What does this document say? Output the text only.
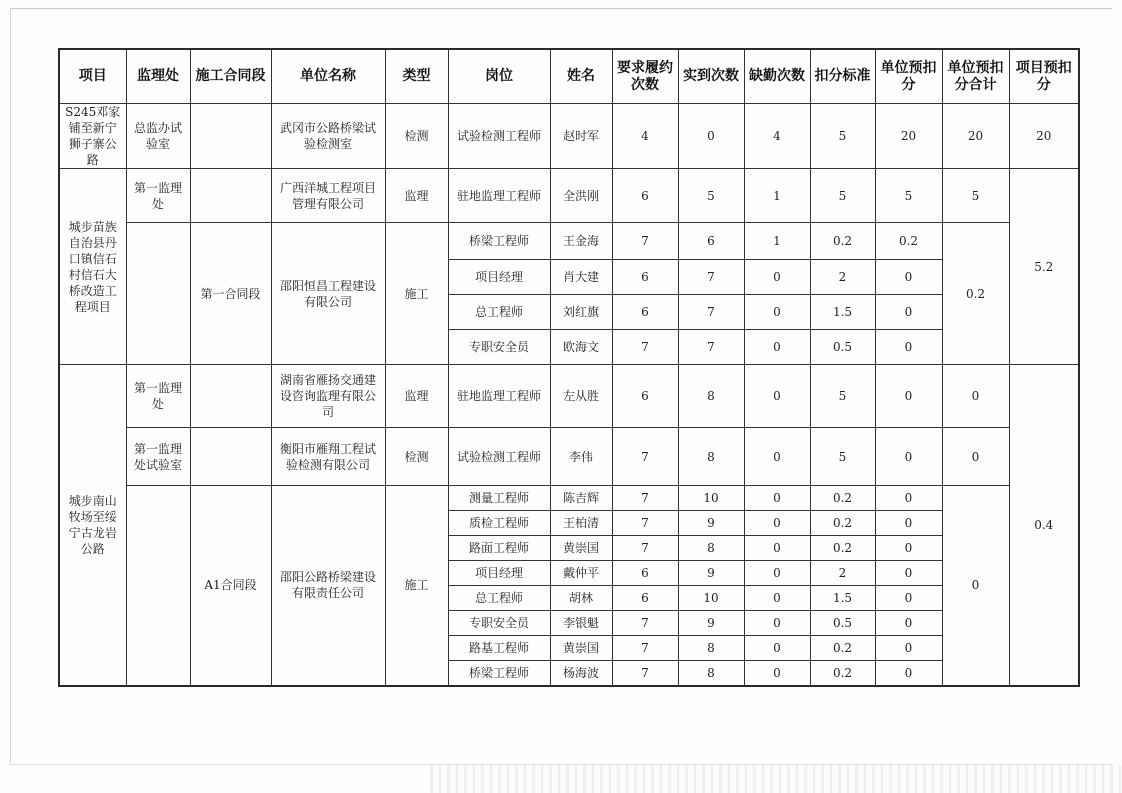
项目	监理处	施工合同段	单位名称	类型	岗位	姓名	要求履约次数	实到次数	缺勤次数	扣分标准	单位预扣分	单位预扣分合计	项目预扣分
S245邓家铺至新宁狮子寨公路	总监办试验室		武冈市公路桥梁试验检测室	检测	试验检测工程师	赵时军	4	0	4	5	20	20	20
城步苗族自治县丹口镇信石村信石大桥改造工程项目	第一监理处		广西洋城工程项目管理有限公司	监理	驻地监理工程师	全洪刚	6	5	1	5	5	5	5.2
		第一合同段	邵阳恒昌工程建设有限公司	施工	桥梁工程师	王金海	7	6	1	0.2	0.2	0.2	
					项目经理	肖大建	6	7	0	2	0		
					总工程师	刘红旗	6	7	0	1.5	0		
					专职安全员	欧海文	7	7	0	0.5	0		
城步南山牧场至绥宁古龙岩公路	第一监理处		湖南省雁扬交通建设咨询监理有限公司	监理	驻地监理工程师	左从胜	6	8	0	5	0	0	0.4
	第一监理处试验室		衡阳市雁翔工程试验检测有限公司	检测	试验检测工程师	李伟	7	8	0	5	0	0	
		A1合同段	邵阳公路桥梁建设有限责任公司	施工	测量工程师	陈吉辉	7	10	0	0.2	0	0	
					质检工程师	王柏清	7	9	0	0.2	0		
					路面工程师	黄崇国	7	8	0	0.2	0		
					项目经理	戴仲平	6	9	0	2	0		
					总工程师	胡林	6	10	0	1.5	0		
					专职安全员	李银魁	7	9	0	0.5	0		
					路基工程师	黄崇国	7	8	0	0.2	0		
					桥梁工程师	杨海波	7	8	0	0.2	0		
